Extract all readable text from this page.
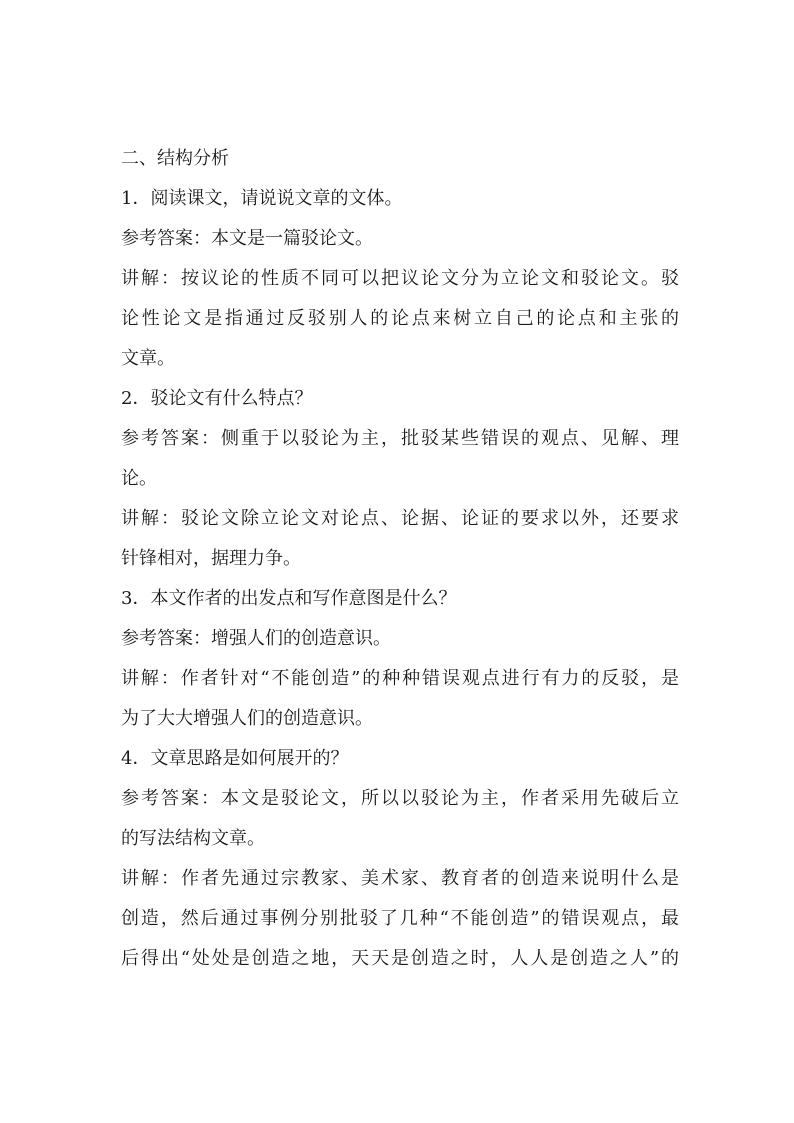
二、结构分析
1．阅读课文，请说说文章的文体。
参考答案：本文是一篇驳论文。
讲解：按议论的性质不同可以把议论文分为立论文和驳论文。驳
论性论文是指通过反驳别人的论点来树立自己的论点和主张的
文章。
2．驳论文有什么特点？
参考答案：侧重于以驳论为主，批驳某些错误的观点、见解、理
论。
讲解：驳论文除立论文对论点、论据、论证的要求以外，还要求
针锋相对，据理力争。
3．本文作者的出发点和写作意图是什么？
参考答案：增强人们的创造意识。
讲解：作者针对“不能创造”的种种错误观点进行有力的反驳，是
为了大大增强人们的创造意识。
4．文章思路是如何展开的？
参考答案：本文是驳论文，所以以驳论为主，作者采用先破后立
的写法结构文章。
讲解：作者先通过宗教家、美术家、教育者的创造来说明什么是
创造，然后通过事例分别批驳了几种“不能创造”的错误观点，最
后得出“处处是创造之地，天天是创造之时，人人是创造之人”的
